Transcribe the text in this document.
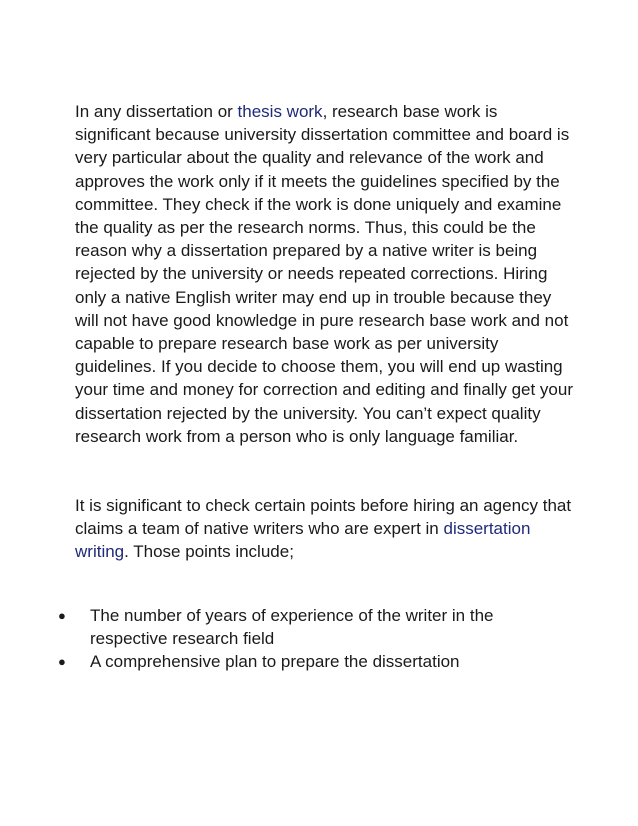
In any dissertation or thesis work, research base work is significant because university dissertation committee and board is very particular about the quality and relevance of the work and approves the work only if it meets the guidelines specified by the committee. They check if the work is done uniquely and examine the quality as per the research norms. Thus, this could be the reason why a dissertation prepared by a native writer is being rejected by the university or needs repeated corrections. Hiring only a native English writer may end up in trouble because they will not have good knowledge in pure research base work and not capable to prepare research base work as per university guidelines. If you decide to choose them, you will end up wasting your time and money for correction and editing and finally get your dissertation rejected by the university. You can’t expect quality research work from a person who is only language familiar.

It is significant to check certain points before hiring an agency that claims a team of native writers who are expert in dissertation writing. Those points include;

● The number of years of experience of the writer in the respective research field
● A comprehensive plan to prepare the dissertation
